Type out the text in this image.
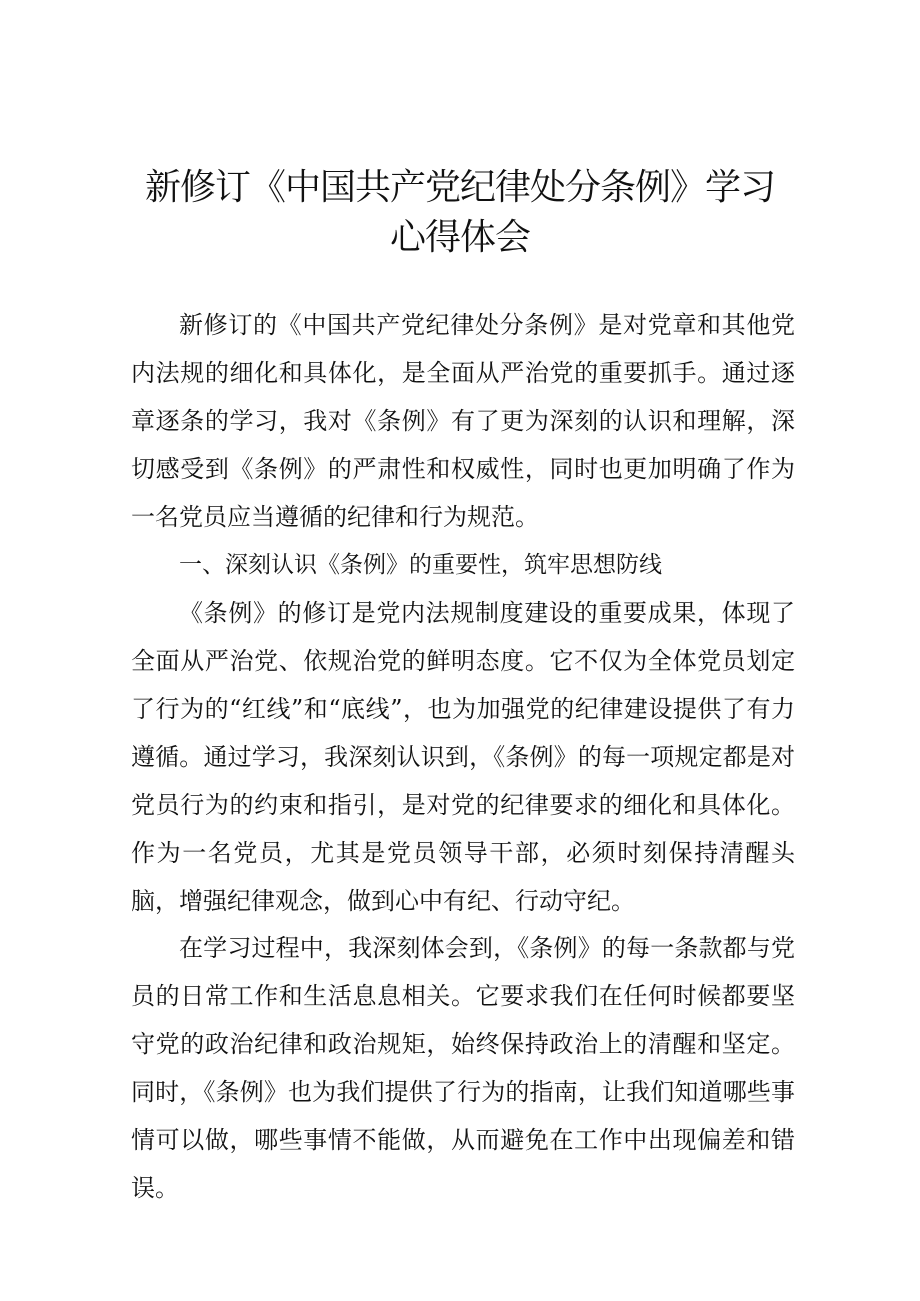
新修订《中国共产党纪律处分条例》学习
心得体会

新修订的《中国共产党纪律处分条例》是对党章和其他党内法规的细化和具体化，是全面从严治党的重要抓手。通过逐章逐条的学习，我对《条例》有了更为深刻的认识和理解，深切感受到《条例》的严肃性和权威性，同时也更加明确了作为一名党员应当遵循的纪律和行为规范。

一、深刻认识《条例》的重要性，筑牢思想防线

《条例》的修订是党内法规制度建设的重要成果，体现了全面从严治党、依规治党的鲜明态度。它不仅为全体党员划定了行为的“红线”和“底线”，也为加强党的纪律建设提供了有力遵循。通过学习，我深刻认识到，《条例》的每一项规定都是对党员行为的约束和指引，是对党的纪律要求的细化和具体化。作为一名党员，尤其是党员领导干部，必须时刻保持清醒头脑，增强纪律观念，做到心中有纪、行动守纪。

在学习过程中，我深刻体会到，《条例》的每一条款都与党员的日常工作和生活息息相关。它要求我们在任何时候都要坚守党的政治纪律和政治规矩，始终保持政治上的清醒和坚定。同时，《条例》也为我们提供了行为的指南，让我们知道哪些事情可以做，哪些事情不能做，从而避免在工作中出现偏差和错误。
